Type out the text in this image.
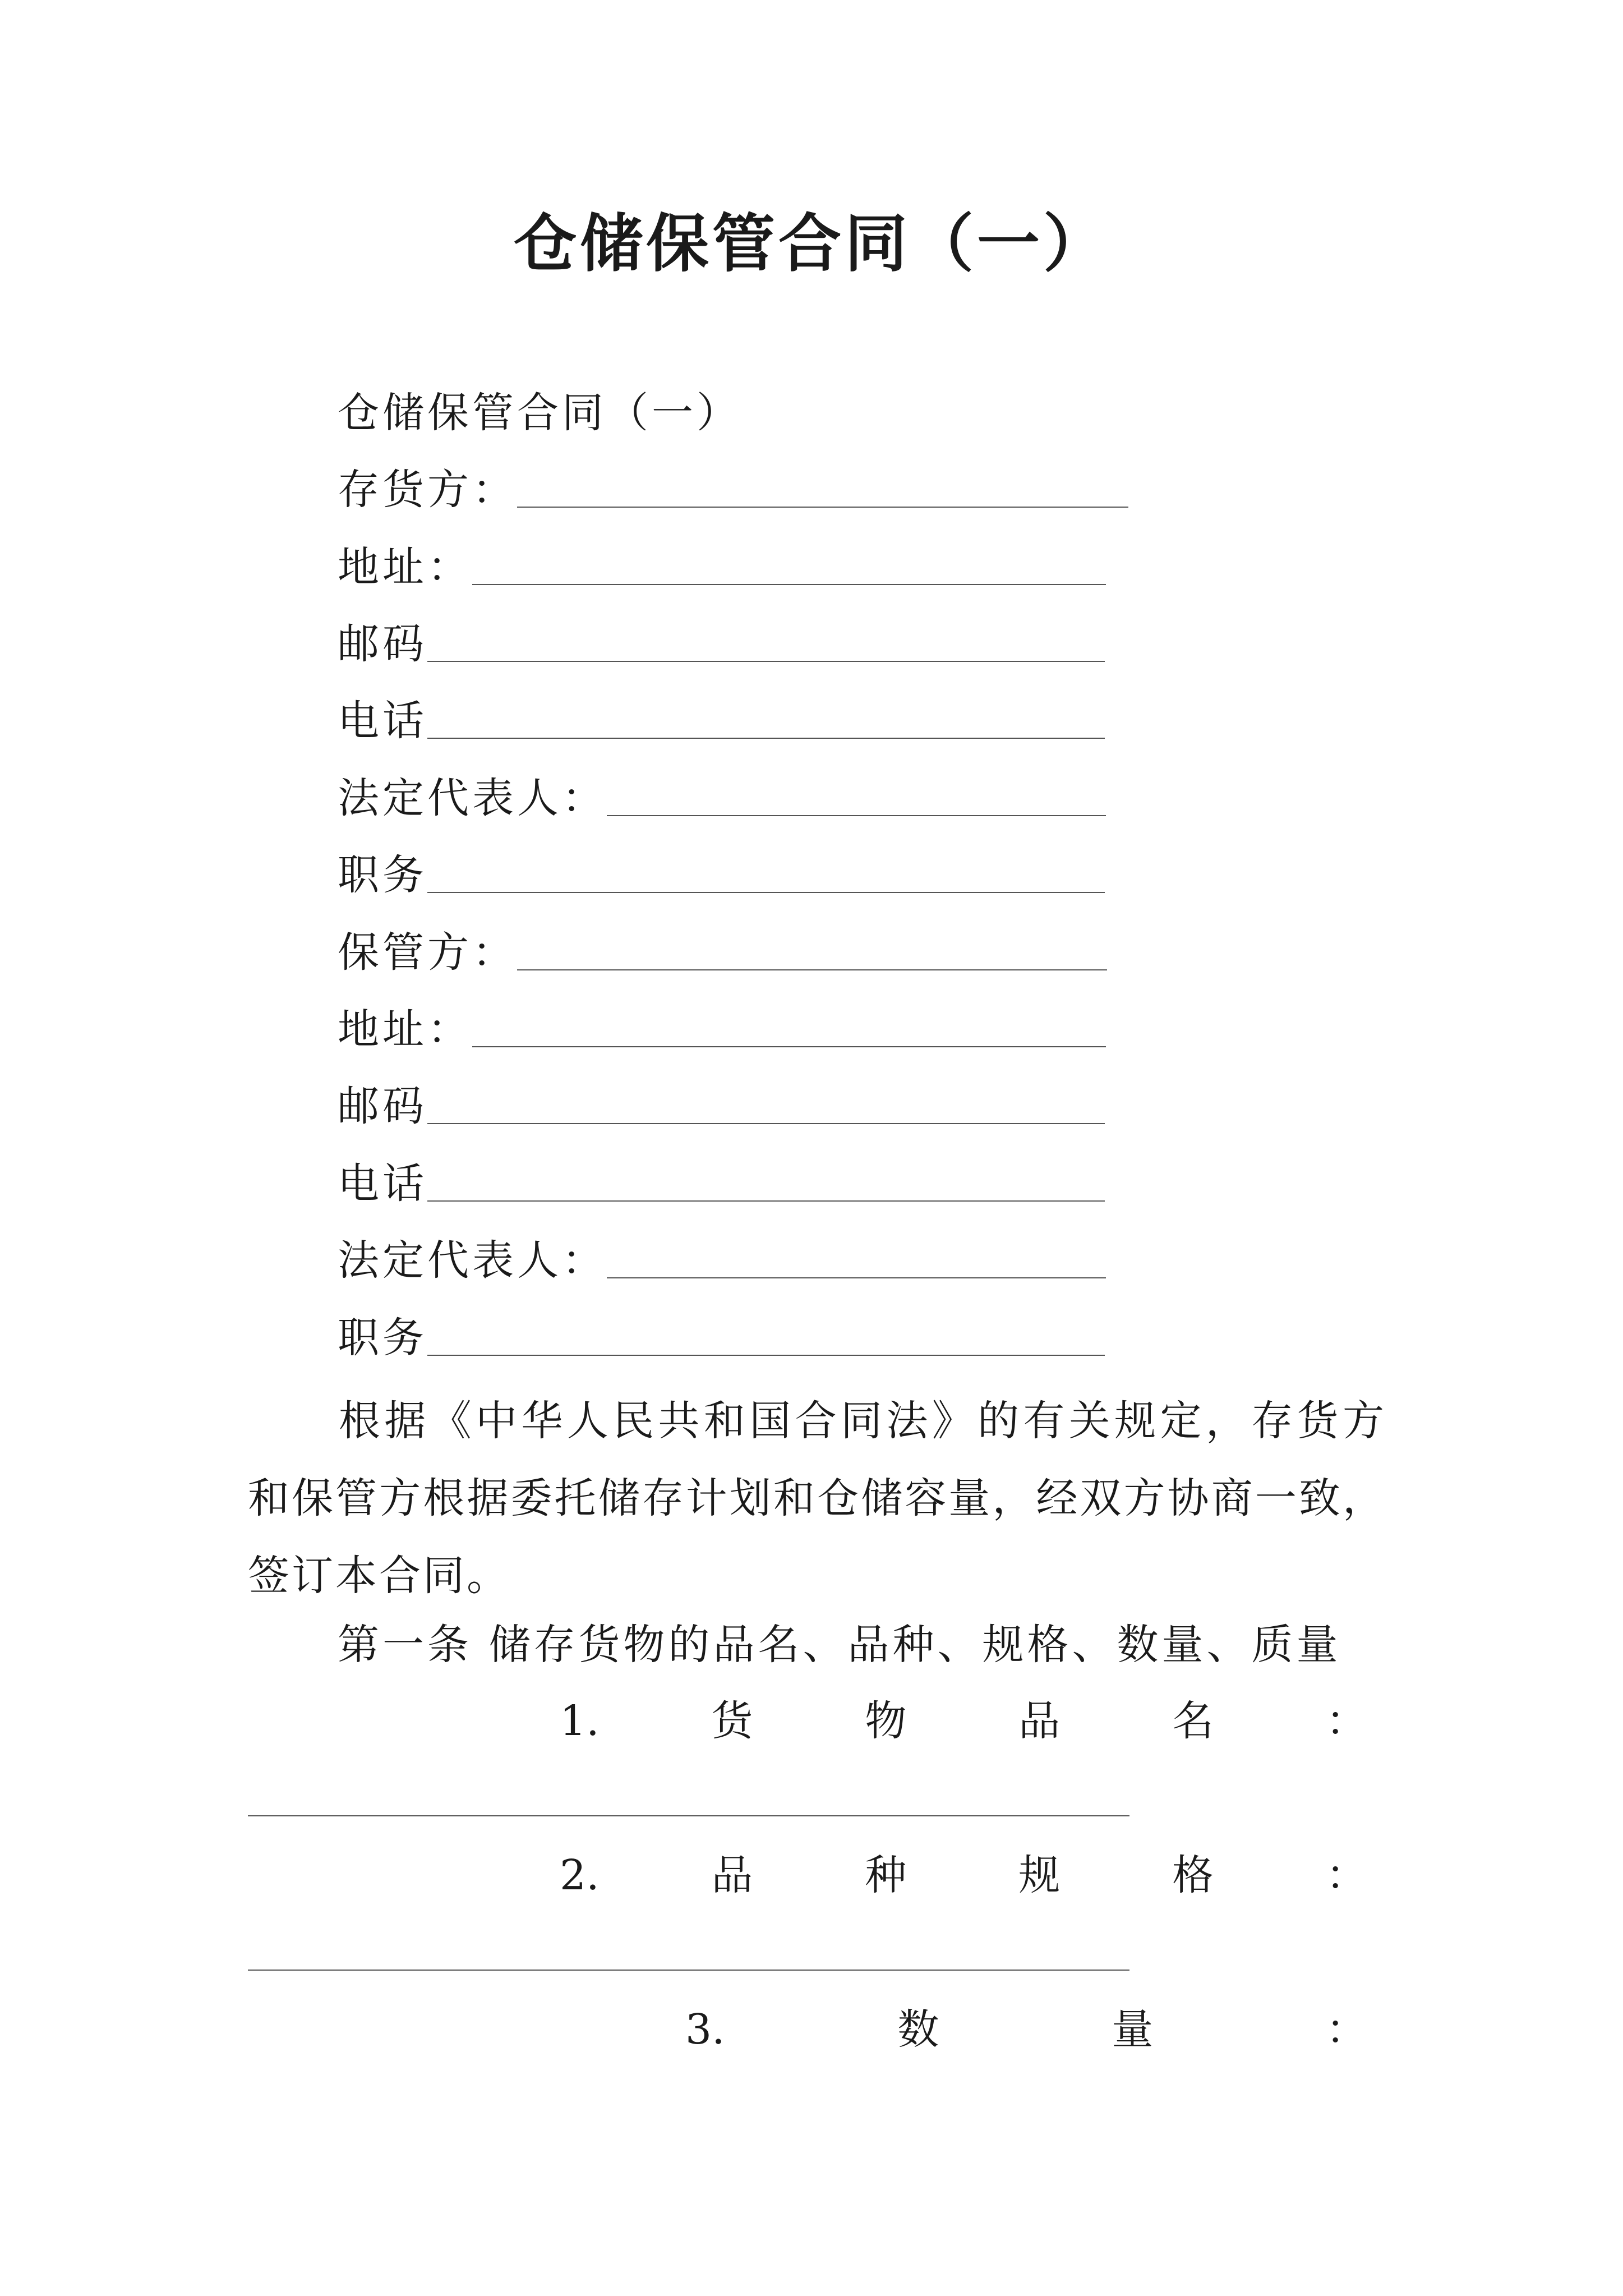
仓储保管合同（一）
仓储保管合同（一）
存货方：
地址：
邮码
电话
法定代表人：
职务
保管方：
地址：
邮码
电话
法定代表人：
职务
根据《中华人民共和国合同法》的有关规定，存货方和保管方根据委托储存计划和仓储容量，经双方协商一致，签订本合同。
第一条 储存货物的品名、品种、规格、数量、质量
1.	货	物	品	名	：
2.	品	种	规	格	：
3.	数	量	：
